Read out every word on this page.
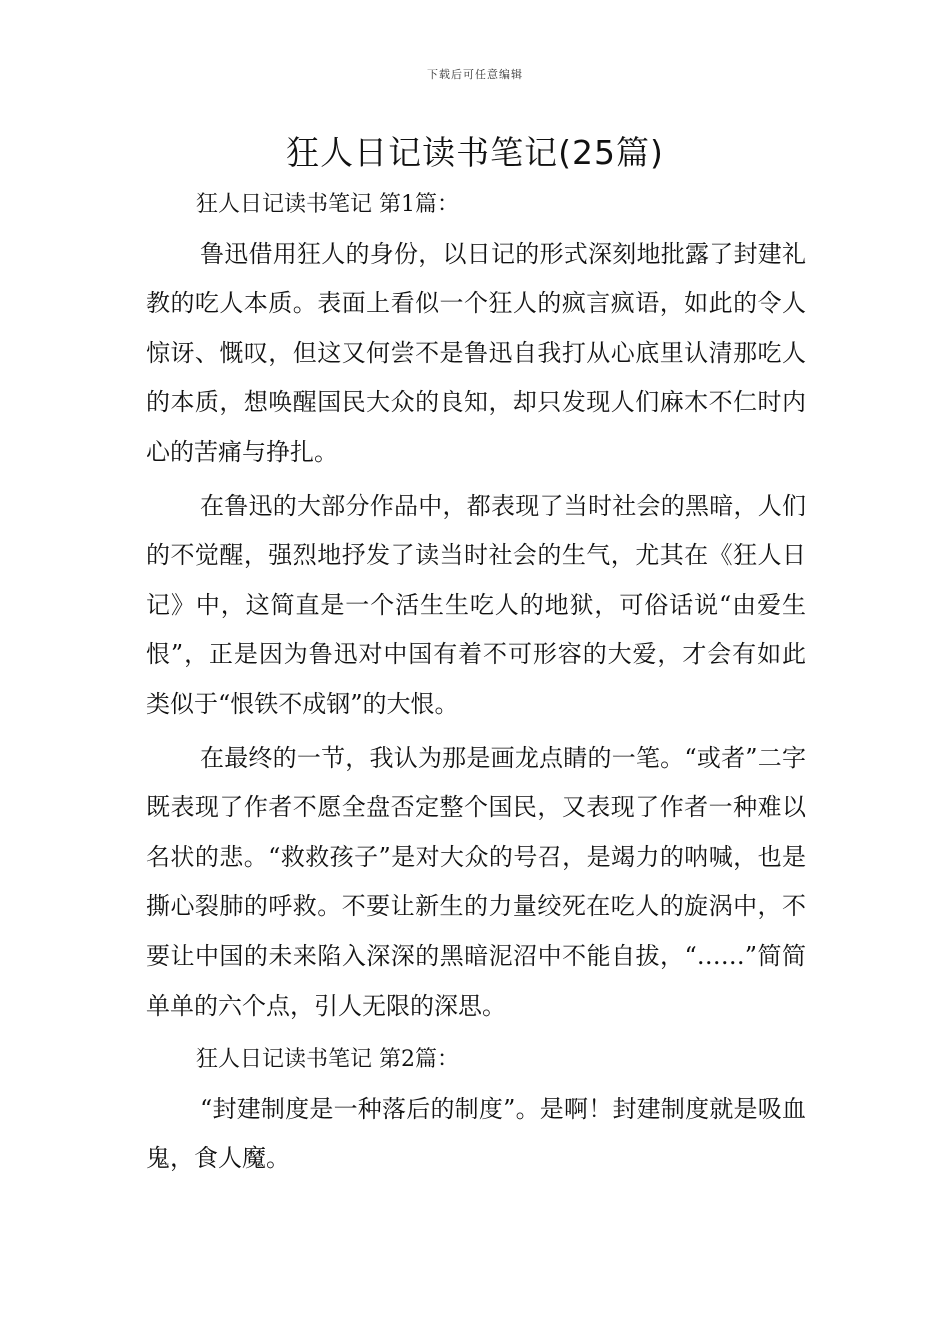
下载后可任意编辑
狂人日记读书笔记(25篇)

狂人日记读书笔记 第1篇：

鲁迅借用狂人的身份，以日记的形式深刻地批露了封建礼教的吃人本质。表面上看似一个狂人的疯言疯语，如此的令人惊讶、慨叹，但这又何尝不是鲁迅自我打从心底里认清那吃人的本质，想唤醒国民大众的良知，却只发现人们麻木不仁时内心的苦痛与挣扎。

在鲁迅的大部分作品中，都表现了当时社会的黑暗，人们的不觉醒，强烈地抒发了读当时社会的生气，尤其在《狂人日记》中，这简直是一个活生生吃人的地狱，可俗话说“由爱生恨”，正是因为鲁迅对中国有着不可形容的大爱，才会有如此类似于“恨铁不成钢”的大恨。

在最终的一节，我认为那是画龙点睛的一笔。“或者”二字既表现了作者不愿全盘否定整个国民，又表现了作者一种难以名状的悲。“救救孩子”是对大众的号召，是竭力的呐喊，也是撕心裂肺的呼救。不要让新生的力量绞死在吃人的旋涡中，不要让中国的未来陷入深深的黑暗泥沼中不能自拔，“……”简简单单的六个点，引人无限的深思。

狂人日记读书笔记 第2篇：

“封建制度是一种落后的制度”。是啊！封建制度就是吸血鬼，食人魔。
